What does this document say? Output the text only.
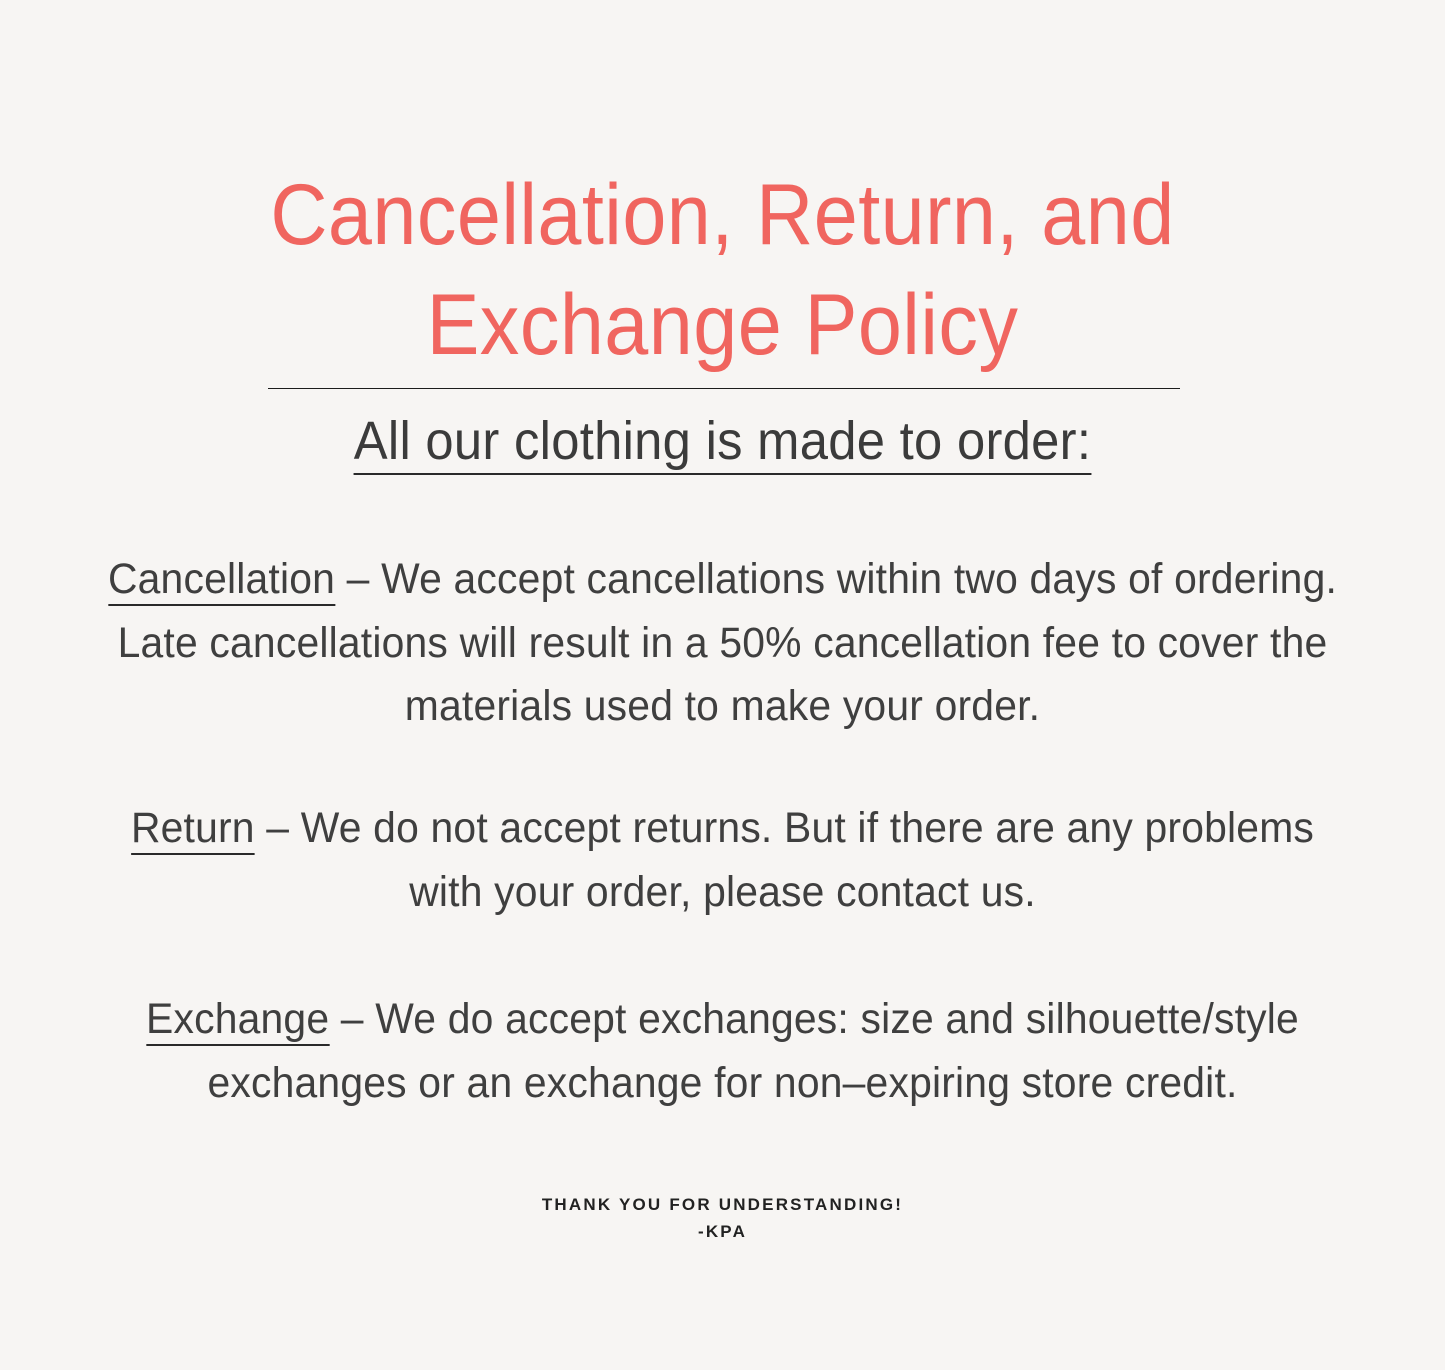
Cancellation, Return, and Exchange Policy
All our clothing is made to order:
Cancellation – We accept cancellations within two days of ordering. Late cancellations will result in a 50% cancellation fee to cover the materials used to make your order.
Return – We do not accept returns. But if there are any problems with your order, please contact us.
Exchange – We do accept exchanges: size and silhouette/style exchanges or an exchange for non–expiring store credit.
THANK YOU FOR UNDERSTANDING!
-KPA
